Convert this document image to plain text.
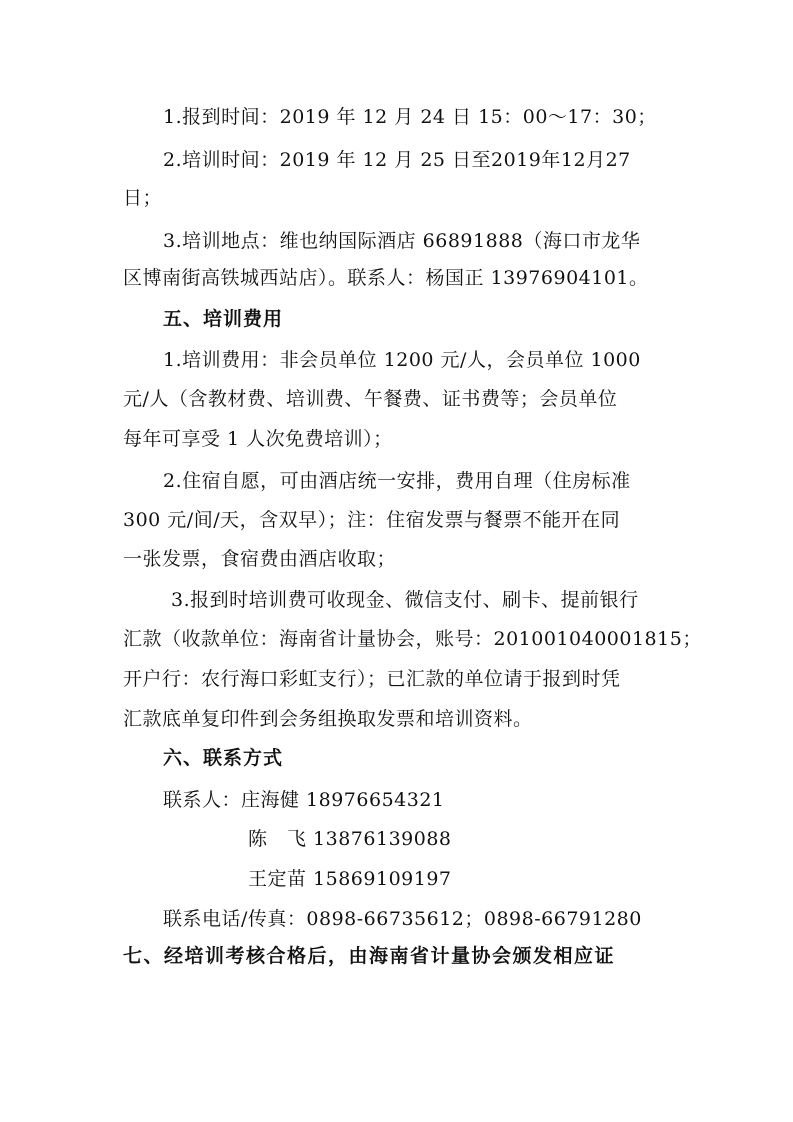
1.报到时间：2019 年 12 月 24 日 15：00～17：30；
2.培训时间：2019 年 12 月 25 日至2019年12月27
日；
3.培训地点：维也纳国际酒店 66891888（海口市龙华
区博南街高铁城西站店）。联系人：杨国正 13976904101。
五、培训费用
1.培训费用：非会员单位 1200 元/人，会员单位 1000
元/人（含教材费、培训费、午餐费、证书费等；会员单位
每年可享受 1 人次免费培训）；
2.住宿自愿，可由酒店统一安排，费用自理（住房标准
300 元/间/天，含双早）；注：住宿发票与餐票不能开在同
一张发票，食宿费由酒店收取；
3.报到时培训费可收现金、微信支付、刷卡、提前银行
汇款（收款单位：海南省计量协会，账号：201001040001815；
开户行：农行海口彩虹支行）；已汇款的单位请于报到时凭
汇款底单复印件到会务组换取发票和培训资料。
六、联系方式
联系人：庄海健 18976654321
陈　飞 13876139088
王定苗 15869109197
联系电话/传真：0898-66735612；0898-66791280
七、经培训考核合格后，由海南省计量协会颁发相应证
